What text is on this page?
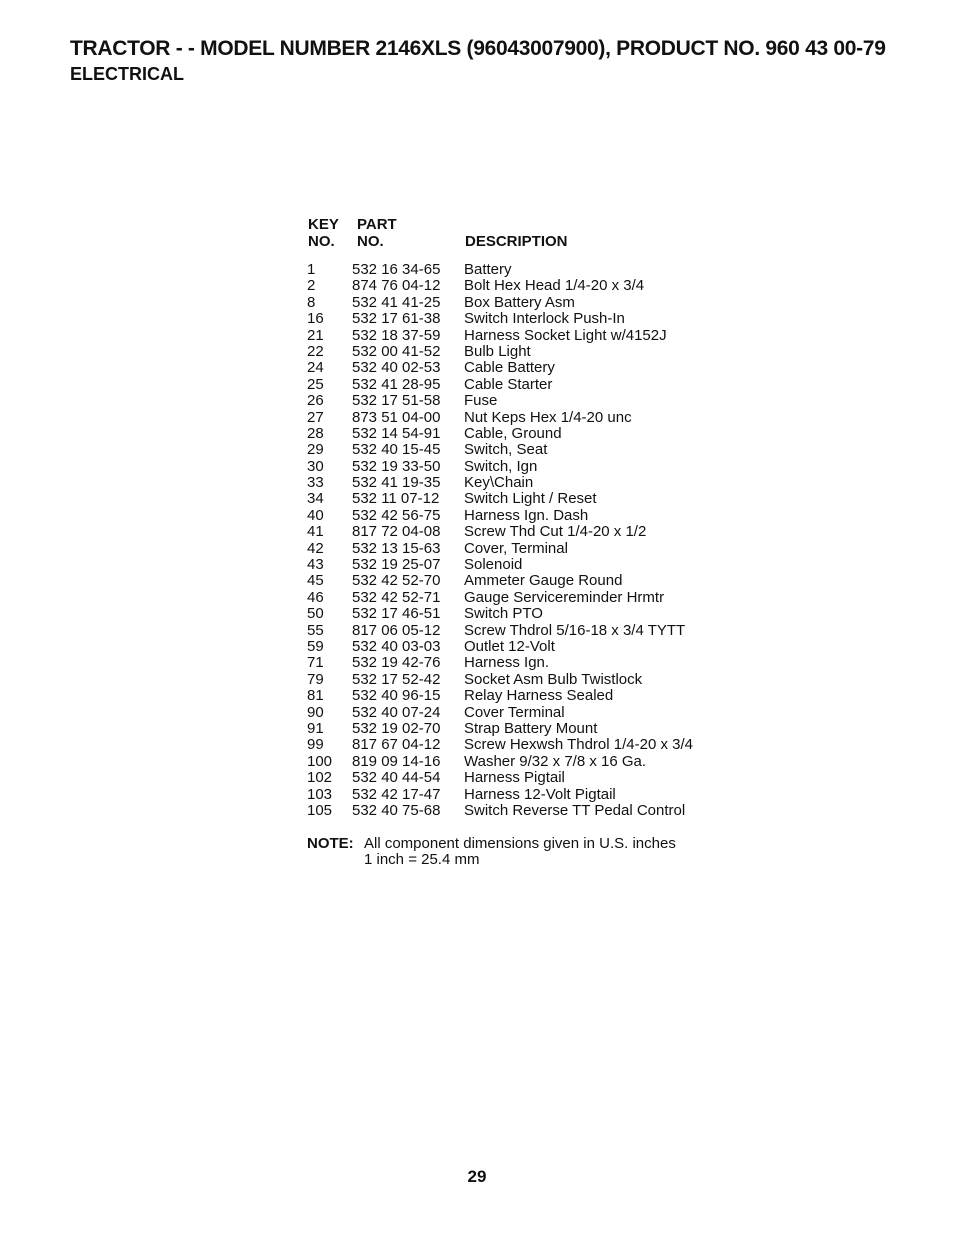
TRACTOR - - MODEL NUMBER 2146XLS (96043007900), PRODUCT NO. 960 43 00-79
ELECTRICAL
KEY
NO.
PART
NO.	DESCRIPTION
1 532 16 34-65 Battery
2 874 76 04-12 Bolt Hex Head 1/4-20 x 3/4
8 532 41 41-25 Box Battery Asm
16 532 17 61-38 Switch Interlock Push-In
21 532 18 37-59 Harness Socket Light w/4152J
22 532 00 41-52 Bulb Light
24 532 40 02-53 Cable Battery
25 532 41 28-95 Cable Starter
26 532 17 51-58 Fuse
27 873 51 04-00 Nut Keps Hex 1/4-20 unc
28 532 14 54-91 Cable, Ground
29 532 40 15-45 Switch, Seat
30 532 19 33-50 Switch, Ign
33 532 41 19-35 Key\Chain
34 532 11 07-12 Switch Light / Reset
40 532 42 56-75 Harness Ign. Dash
41 817 72 04-08 Screw Thd Cut 1/4-20 x 1/2
42 532 13 15-63 Cover, Terminal
43 532 19 25-07 Solenoid
45 532 42 52-70 Ammeter Gauge Round
46 532 42 52-71 Gauge Servicereminder Hrmtr
50 532 17 46-51 Switch PTO
55 817 06 05-12 Screw Thdrol 5/16-18 x 3/4 TYTT
59 532 40 03-03 Outlet 12-Volt
71 532 19 42-76 Harness Ign.
79 532 17 52-42 Socket Asm Bulb Twistlock
81 532 40 96-15 Relay Harness Sealed
90 532 40 07-24 Cover Terminal
91 532 19 02-70 Strap Battery Mount
99 817 67 04-12 Screw Hexwsh Thdrol 1/4-20 x 3/4
100 819 09 14-16 Washer 9/32 x 7/8 x 16 Ga.
102 532 40 44-54 Harness Pigtail
103 532 42 17-47 Harness 12-Volt Pigtail
105 532 40 75-68 Switch Reverse TT Pedal Control
NOTE: All component dimensions given in U.S. inches
1 inch = 25.4 mm
29
